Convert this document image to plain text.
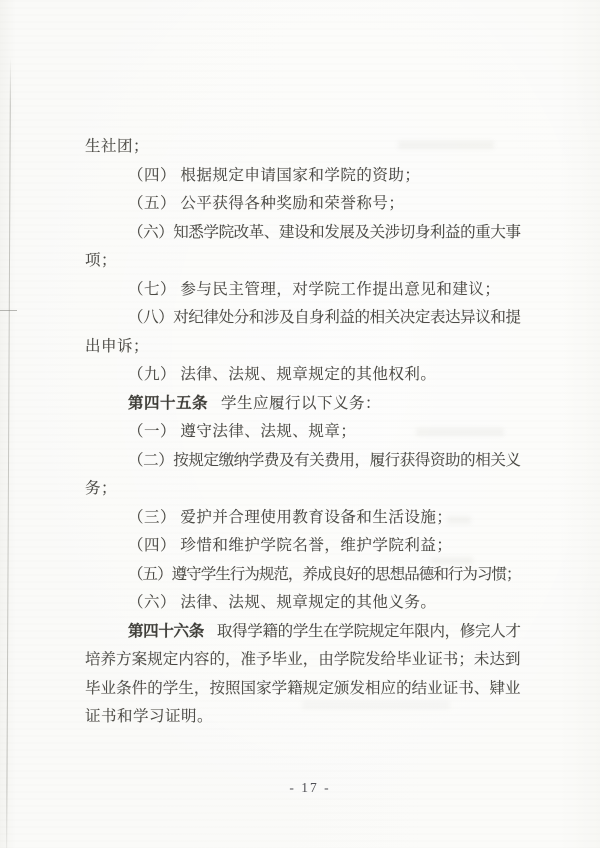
生社团；
（四） 根据规定申请国家和学院的资助；
（五） 公平获得各种奖励和荣誉称号；
（六）知悉学院改革、建设和发展及关涉切身利益的重大事
项；
（七） 参与民主管理，对学院工作提出意见和建议；
（八）对纪律处分和涉及自身利益的相关决定表达异议和提
出申诉；
（九） 法律、法规、规章规定的其他权利。
第四十五条 学生应履行以下义务：
（一） 遵守法律、法规、规章；
（二）按规定缴纳学费及有关费用，履行获得资助的相关义
务；
（三） 爱护并合理使用教育设备和生活设施；
（四） 珍惜和维护学院名誉，维护学院利益；
（五）遵守学生行为规范，养成良好的思想品德和行为习惯；
（六） 法律、法规、规章规定的其他义务。
第四十六条 取得学籍的学生在学院规定年限内，修完人才
培养方案规定内容的，准予毕业，由学院发给毕业证书；未达到
毕业条件的学生，按照国家学籍规定颁发相应的结业证书、肄业
证书和学习证明。
- 17 -
